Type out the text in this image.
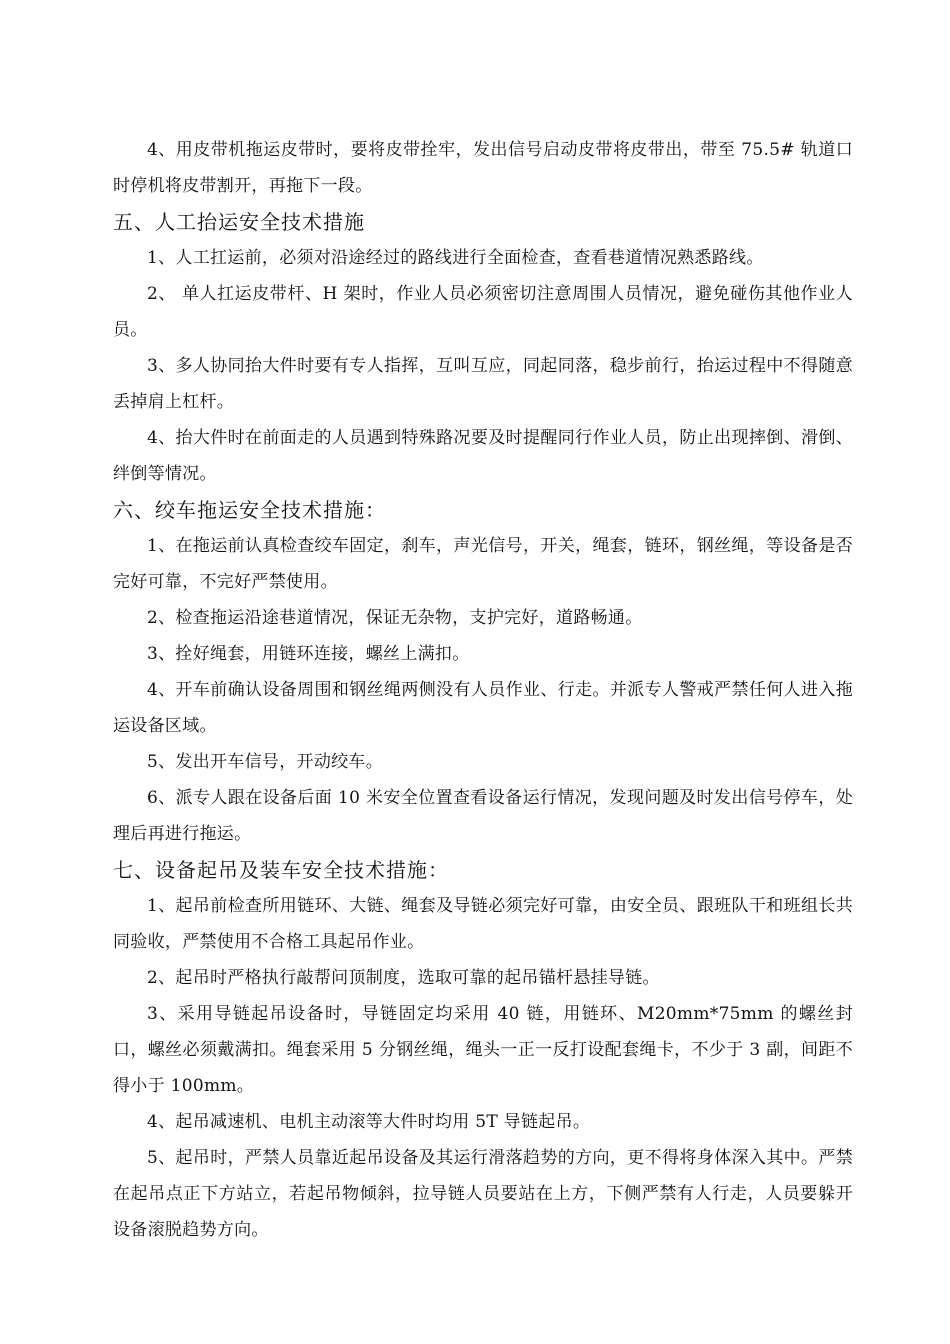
4、用皮带机拖运皮带时，要将皮带拴牢，发出信号启动皮带将皮带出，带至 75.5# 轨道口时停机将皮带割开，再拖下一段。

五、人工抬运安全技术措施

1、人工扛运前，必须对沿途经过的路线进行全面检查，查看巷道情况熟悉路线。

2、 单人扛运皮带杆、H 架时，作业人员必须密切注意周围人员情况，避免碰伤其他作业人员。

3、多人协同抬大件时要有专人指挥，互叫互应，同起同落，稳步前行，抬运过程中不得随意丢掉肩上杠杆。

4、抬大件时在前面走的人员遇到特殊路况要及时提醒同行作业人员，防止出现摔倒、滑倒、绊倒等情况。

六、绞车拖运安全技术措施：

1、在拖运前认真检查绞车固定，刹车，声光信号，开关，绳套，链环，钢丝绳，等设备是否完好可靠，不完好严禁使用。

2、检查拖运沿途巷道情况，保证无杂物，支护完好，道路畅通。

3、拴好绳套，用链环连接，螺丝上满扣。

4、开车前确认设备周围和钢丝绳两侧没有人员作业、行走。并派专人警戒严禁任何人进入拖运设备区域。

5、发出开车信号，开动绞车。

6、派专人跟在设备后面 10 米安全位置查看设备运行情况，发现问题及时发出信号停车，处理后再进行拖运。

七、设备起吊及装车安全技术措施：

1、起吊前检查所用链环、大链、绳套及导链必须完好可靠，由安全员、跟班队干和班组长共同验收，严禁使用不合格工具起吊作业。

2、起吊时严格执行敲帮问顶制度，选取可靠的起吊锚杆悬挂导链。

3、采用导链起吊设备时，导链固定均采用 40 链，用链环、M20mm*75mm 的螺丝封口，螺丝必须戴满扣。绳套采用 5 分钢丝绳，绳头一正一反打设配套绳卡，不少于 3 副，间距不得小于 100mm。

4、起吊减速机、电机主动滚等大件时均用 5T 导链起吊。

5、起吊时，严禁人员靠近起吊设备及其运行滑落趋势的方向，更不得将身体深入其中。严禁在起吊点正下方站立，若起吊物倾斜，拉导链人员要站在上方，下侧严禁有人行走，人员要躲开设备滚脱趋势方向。
